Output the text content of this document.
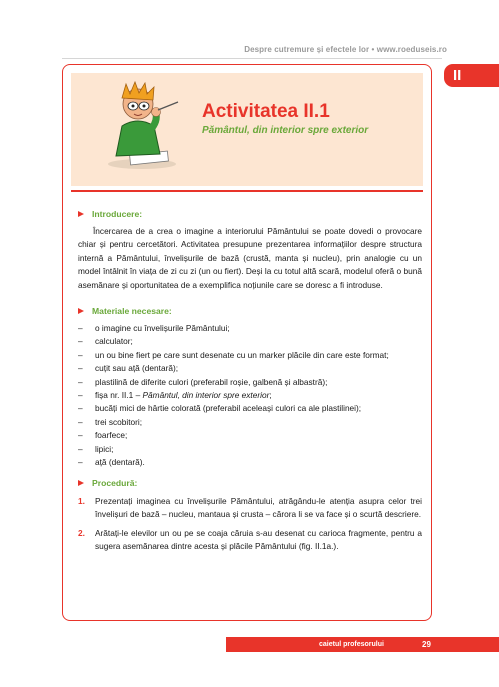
Despre cutremure și efectele lor • www.roeduseis.ro
II
Activitatea II.1
Pământul, din interior spre exterior
Introducere:

Încercarea de a crea o imagine a interiorului Pământului se poate dovedi o provocare chiar și pentru cercetători. Activitatea presupune prezentarea informațiilor despre structura internă a Pământului, învelișurile de bază (crustă, manta și nucleu), prin analogie cu un model întâlnit în viața de zi cu zi (un ou fiert). Deși la cu totul altă scară, modelul oferă o bună asemănare și oportunitatea de a exemplifica noțiunile care se doresc a fi introduse.

Materiale necesare:
– o imagine cu învelișurile Pământului;
– calculator;
– un ou bine fiert pe care sunt desenate cu un marker plăcile din care este format;
– cuțit sau ață (dentară);
– plastilină de diferite culori (preferabil roșie, galbenă și albastră);
– fișa nr. II.1 – Pământul, din interior spre exterior;
– bucăți mici de hârtie colorată (preferabil aceleași culori ca ale plastilinei);
– trei scobitori;
– foarfece;
– lipici;
– ață (dentară).
Procedură:
1. Prezentați imaginea cu învelișurile Pământului, atrăgându-le atenția asupra celor trei învelișuri de bază – nucleu, mantaua și crusta – cărora li se va face și o scurtă descriere.
2. Arătați-le elevilor un ou pe se coaja căruia s-au desenat cu carioca fragmente, pentru a sugera asemănarea dintre acesta și plăcile Pământului (fig. II.1a.).
caietul profesorului	29
